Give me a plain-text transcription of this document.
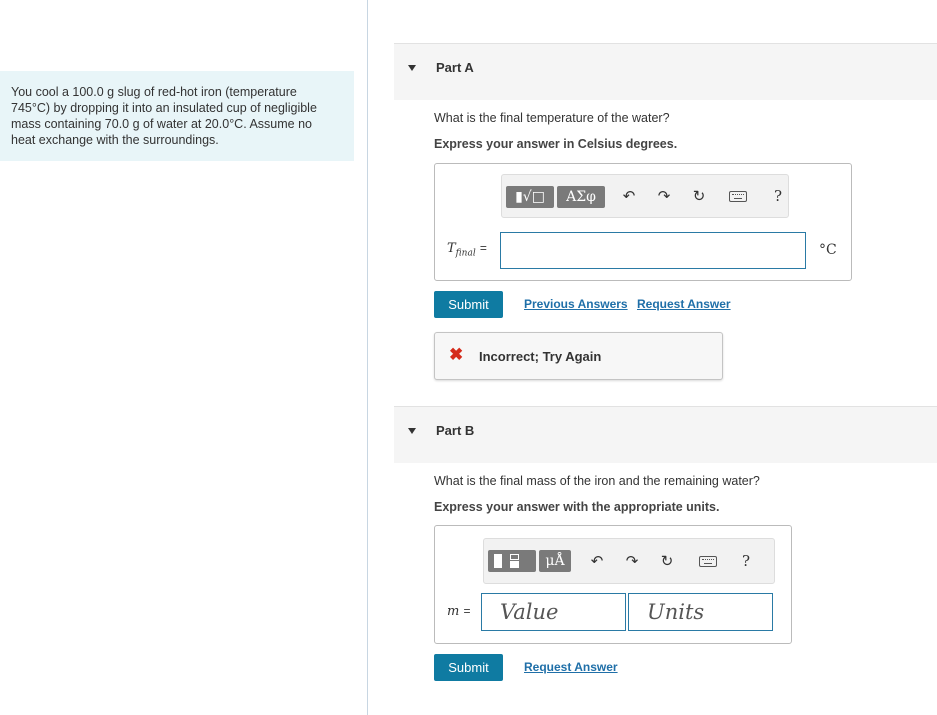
You cool a 100.0 g slug of red-hot iron (temperature
745°C) by dropping it into an insulated cup of negligible
mass containing 70.0 g of water at 20.0°C. Assume no
heat exchange with the surroundings.
Part A
What is the final temperature of the water?
Express your answer in Celsius degrees.
▮√□	ΑΣφ	↶ ↷ ↻	?
$T_{final}$ =	°C
Submit	Previous Answers Request Answer
✖ Incorrect; Try Again
Part B
What is the final mass of the iron and the remaining water?
Express your answer with the appropriate units.
μÅ	↶ ↷ ↻	?
m =	Value	Units
Submit	Request Answer
